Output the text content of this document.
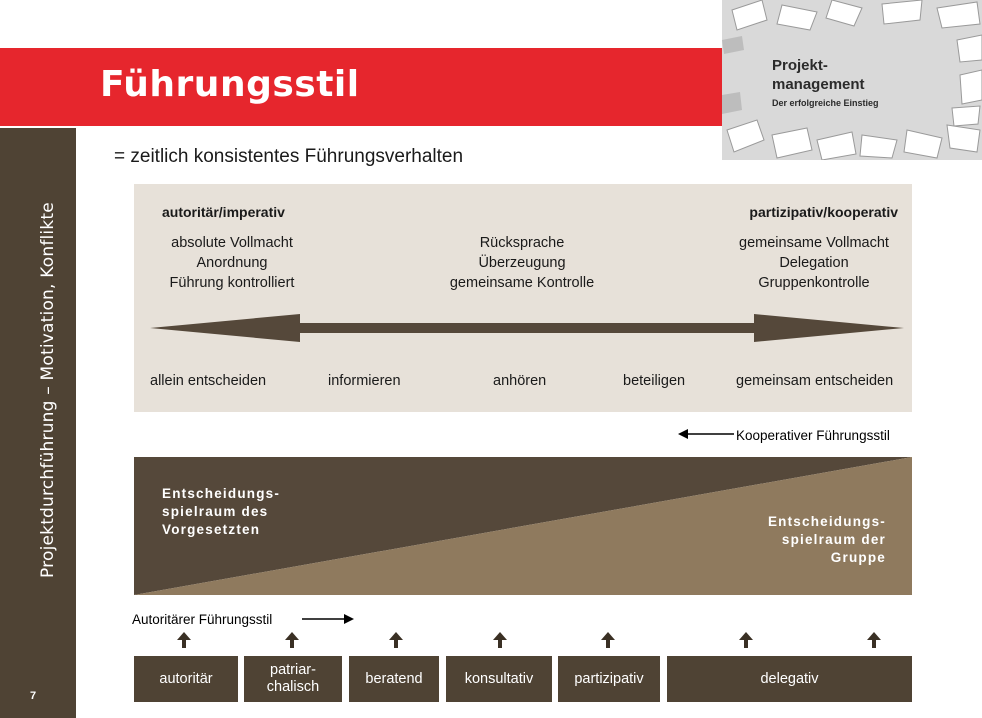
Projekt-
management
Der erfolgreiche Einstieg
Führungsstil
Projektdurchführung – Motivation, Konflikte
7
= zeitlich konsistentes Führungsverhalten
autoritär/imperativ	partizipativ/kooperativ
absolute Vollmacht
Anordnung
Führung kontrolliert
Rücksprache
Überzeugung
gemeinsame Kontrolle
gemeinsame Vollmacht
Delegation
Gruppenkontrolle
allein entscheiden	informieren	anhören	beteiligen	gemeinsam entscheiden
Kooperativer Führungsstil
Entscheidungs-
spielraum des
Vorgesetzten
Entscheidungs-
spielraum der
Gruppe
Autoritärer Führungsstil
autoritär
patriar-
chalisch
beratend	konsultativ	partizipativ	delegativ
